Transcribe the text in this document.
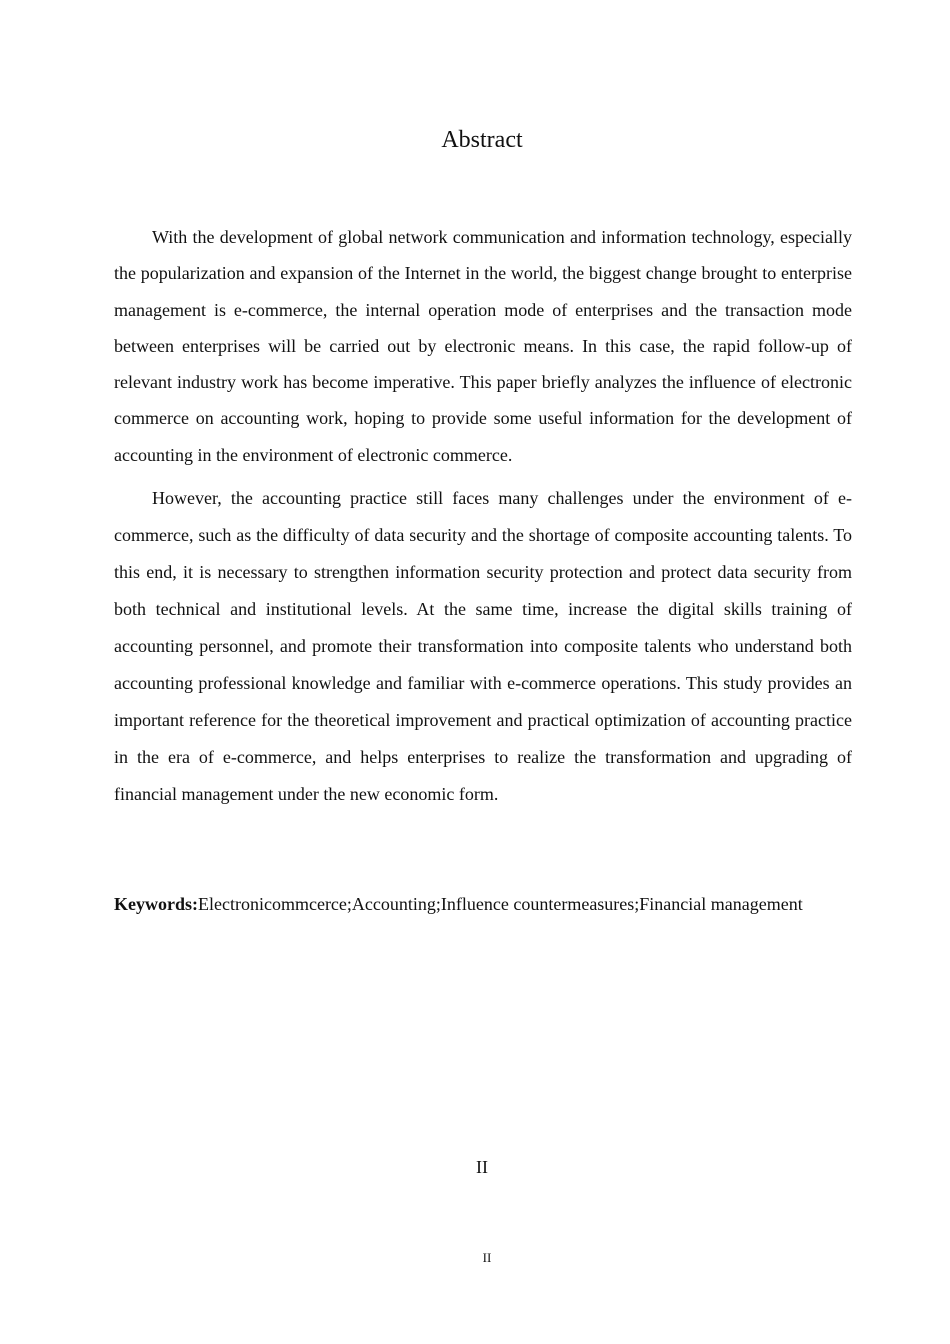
Abstract

With the development of global network communication and information technology, especially the popularization and expansion of the Internet in the world, the biggest change brought to enterprise management is e-commerce, the internal operation mode of enterprises and the transaction mode between enterprises will be carried out by electronic means. In this case, the rapid follow-up of relevant industry work has become imperative. This paper briefly analyzes the influence of electronic commerce on accounting work, hoping to provide some useful information for the development of accounting in the environment of electronic commerce.

However, the accounting practice still faces many challenges under the environment of e-commerce, such as the difficulty of data security and the shortage of composite accounting talents. To this end, it is necessary to strengthen information security protection and protect data security from both technical and institutional levels. At the same time, increase the digital skills training of accounting personnel, and promote their transformation into composite talents who understand both accounting professional knowledge and familiar with e-commerce operations. This study provides an important reference for the theoretical improvement and practical optimization of accounting practice in the era of e-commerce, and helps enterprises to realize the transformation and upgrading of financial management under the new economic form.

Keywords:Electronicommcerce;Accounting;Influence countermeasures;Financial management
II
II
